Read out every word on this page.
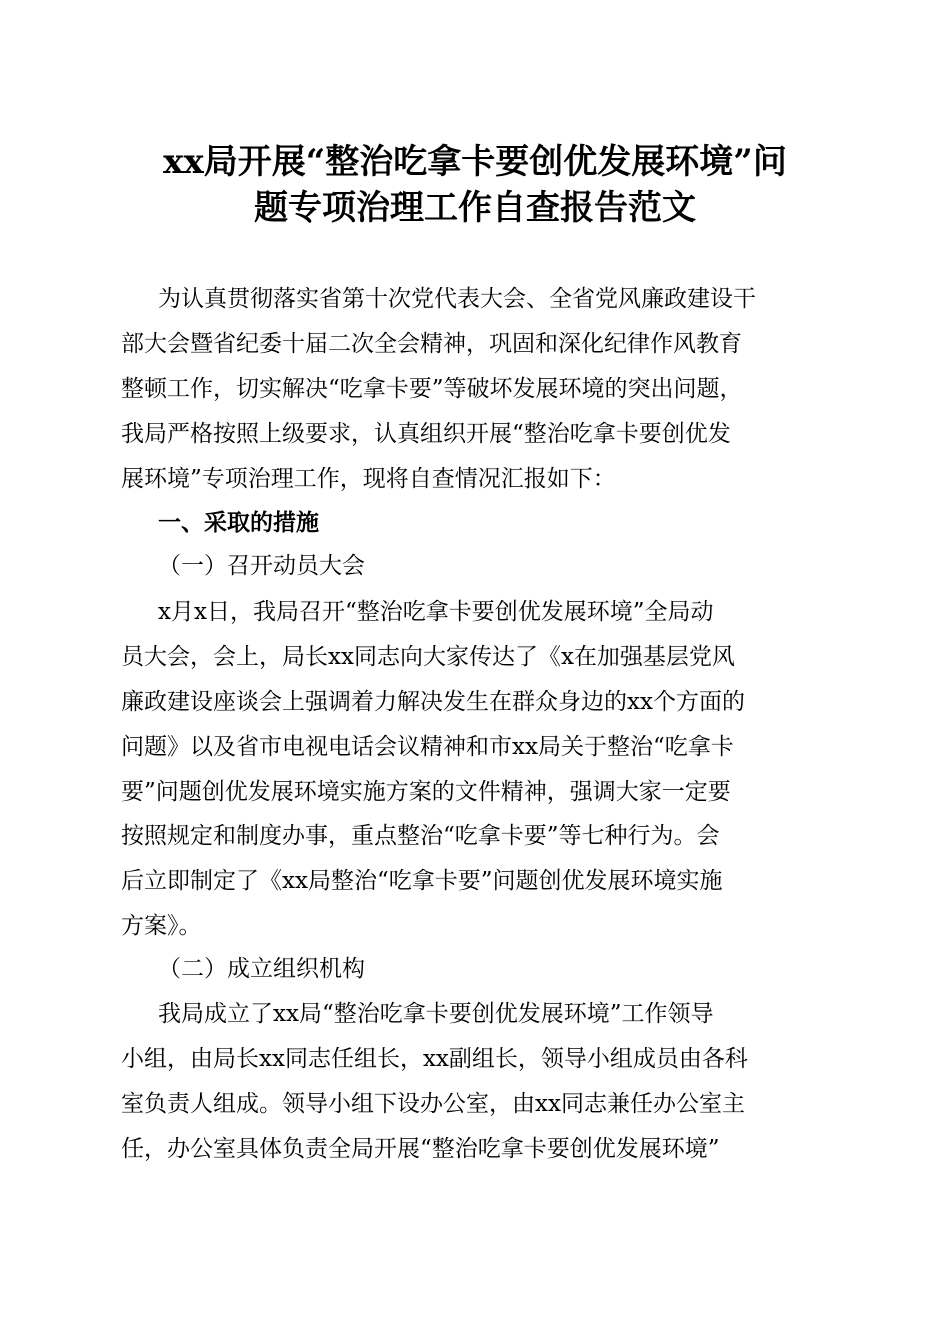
xx局开展“整治吃拿卡要创优发展环境”问
题专项治理工作自查报告范文
为认真贯彻落实省第十次党代表大会、全省党风廉政建设干
部大会暨省纪委十届二次全会精神，巩固和深化纪律作风教育
整顿工作，切实解决“吃拿卡要”等破坏发展环境的突出问题，
我局严格按照上级要求，认真组织开展“整治吃拿卡要创优发
展环境”专项治理工作，现将自查情况汇报如下：
一、采取的措施
（一）召开动员大会
x月x日，我局召开“整治吃拿卡要创优发展环境”全局动
员大会，会上，局长xx同志向大家传达了《x在加强基层党风
廉政建设座谈会上强调着力解决发生在群众身边的xx个方面的
问题》以及省市电视电话会议精神和市xx局关于整治“吃拿卡
要”问题创优发展环境实施方案的文件精神，强调大家一定要
按照规定和制度办事，重点整治“吃拿卡要”等七种行为。会
后立即制定了《xx局整治“吃拿卡要”问题创优发展环境实施
方案》。
（二）成立组织机构
我局成立了xx局“整治吃拿卡要创优发展环境”工作领导
小组，由局长xx同志任组长，xx副组长，领导小组成员由各科
室负责人组成。领导小组下设办公室，由xx同志兼任办公室主
任，办公室具体负责全局开展“整治吃拿卡要创优发展环境”
